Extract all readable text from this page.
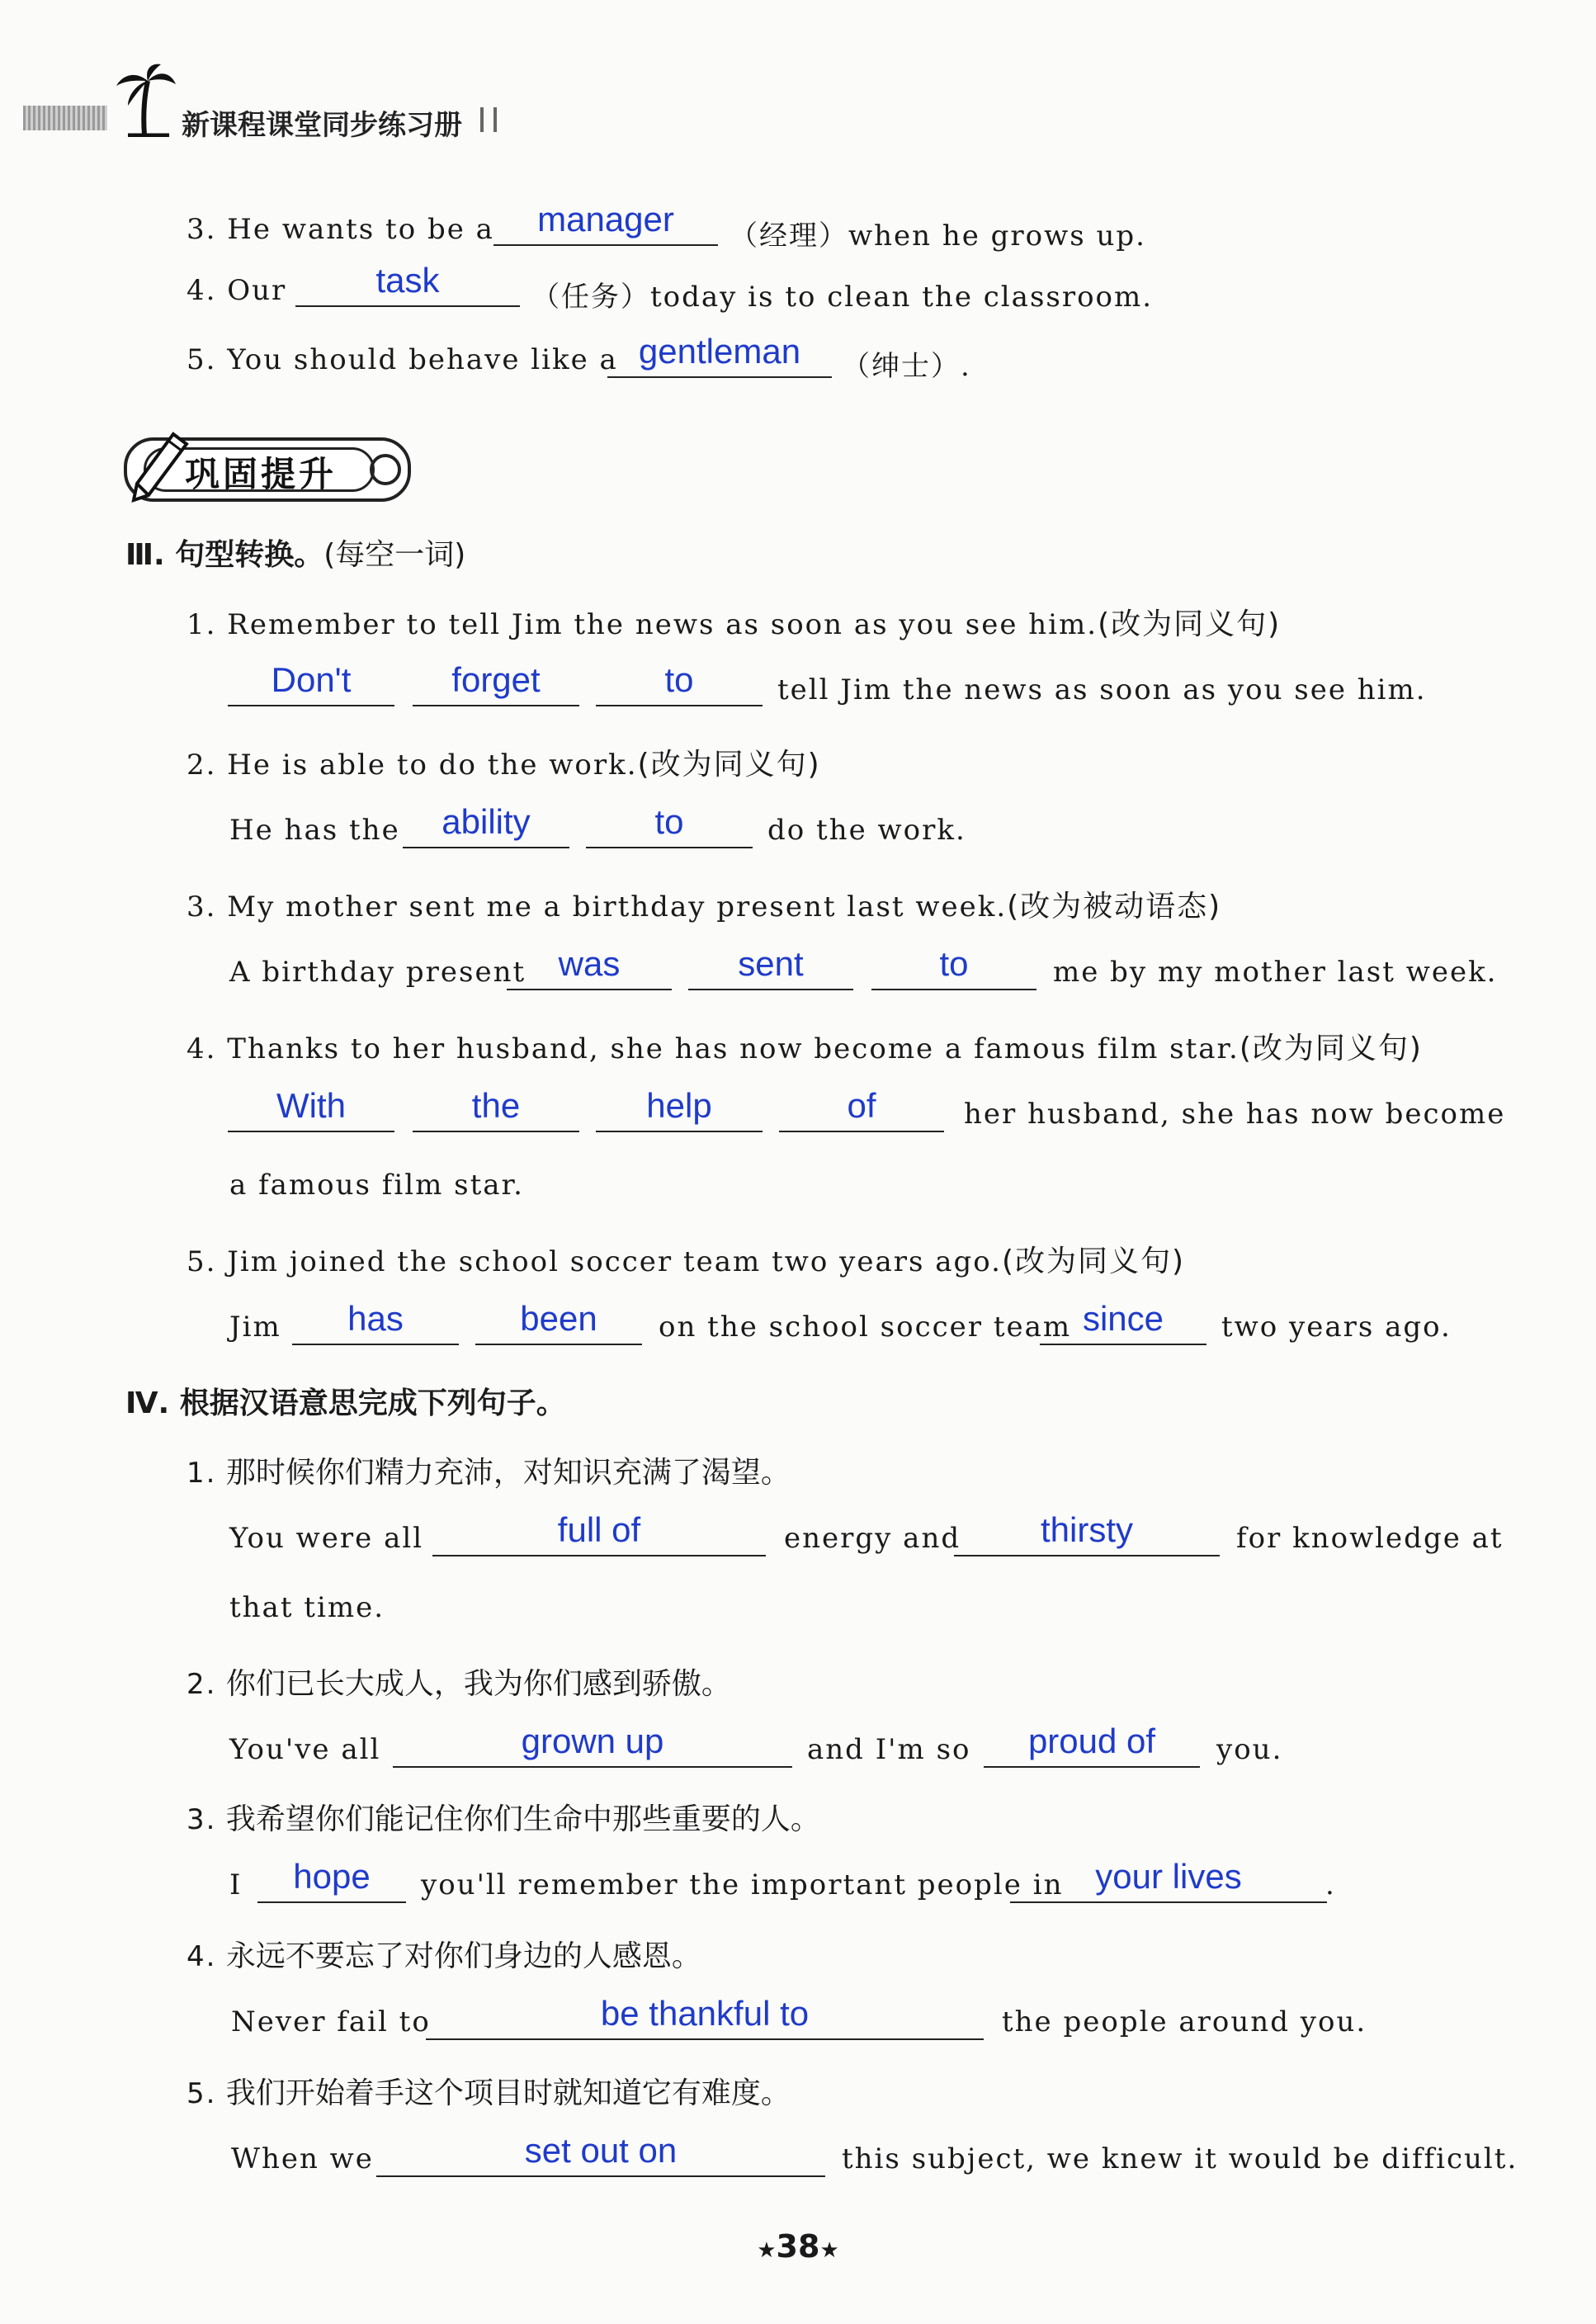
新课程课堂同步练习册
3. He wants to be a	manager	（经理）when he grows up.
4. Our	task	（任务）today is to clean the classroom.
5. You should behave like a gentleman	（绅士）.
巩固提升
Ⅲ. 句型转换。(每空一词)
1. Remember to tell Jim the news as soon as you see him.(改为同义句)
Don't	forget	to	tell Jim the news as soon as you see him.
2. He is able to do the work.(改为同义句)
He has the	ability	to	do the work.
3. My mother sent me a birthday present last week.(改为被动语态)
A birthday present was	sent	to	me by my mother last week.
4. Thanks to her husband, she has now become a famous film star.(改为同义句)
With	the	help	of	her husband, she has now become
a famous film star.
5. Jim joined the school soccer team two years ago.(改为同义句)
Jim	has	been	on the school soccer team since	two years ago.
Ⅳ. 根据汉语意思完成下列句子。
1. 那时候你们精力充沛，对知识充满了渴望。
You were all	full of	energy and	thirsty	for knowledge at
that time.
2. 你们已长大成人，我为你们感到骄傲。
You've all	grown up	and I'm so	proud of	you.
3. 我希望你们能记住你们生命中那些重要的人。
I	hope	you'll remember the important people in your lives	.
4. 永远不要忘了对你们身边的人感恩。
Never fail to	be thankful to	the people around you.
5. 我们开始着手这个项目时就知道它有难度。
When we	set out on	this subject, we knew it would be difficult.
★38★
